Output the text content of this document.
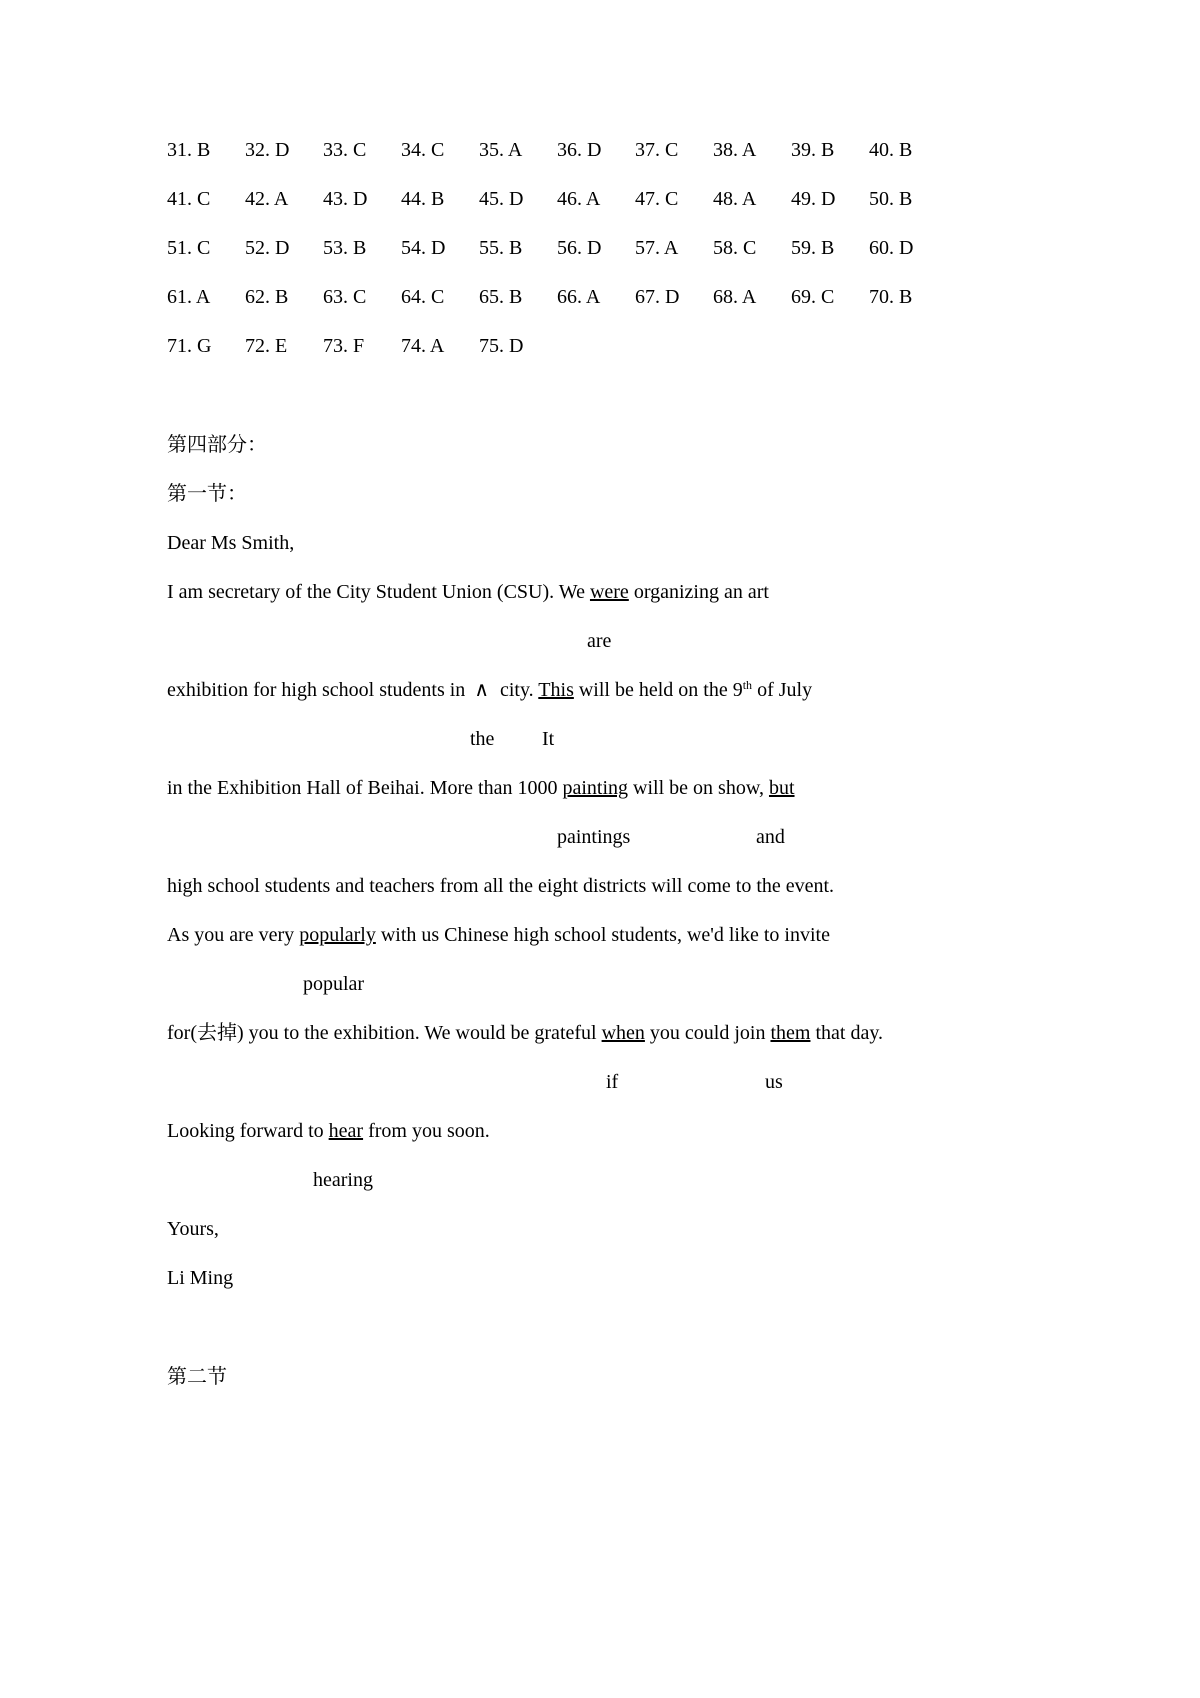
31. B 32. D 33. C 34. C 35. A 36. D 37. C 38. A 39. B 40. B
41. C 42. A 43. D 44. B 45. D 46. A 47. C 48. A 49. D 50. B
51. C 52. D 53. B 54. D 55. B 56. D 57. A 58. C 59. B 60. D
61. A 62. B 63. C 64. C 65. B 66. A 67. D 68. A 69. C 70. B
71. G 72. E 73. F 74. A 75. D
第四部分：
第一节：
Dear Ms Smith,
I am secretary of the City Student Union (CSU). We were organizing an art
are
exhibition for high school students in ∧ city. This will be held on the 9th of July
the It
in the Exhibition Hall of Beihai. More than 1000 painting will be on show, but
paintings	and
high school students and teachers from all the eight districts will come to the event.
As you are very popularly with us Chinese high school students, we'd like to invite
popular
for(去掉) you to the exhibition. We would be grateful when you could join them that day.
if	us
Looking forward to hear from you soon.
hearing
Yours,
Li Ming
第二节
